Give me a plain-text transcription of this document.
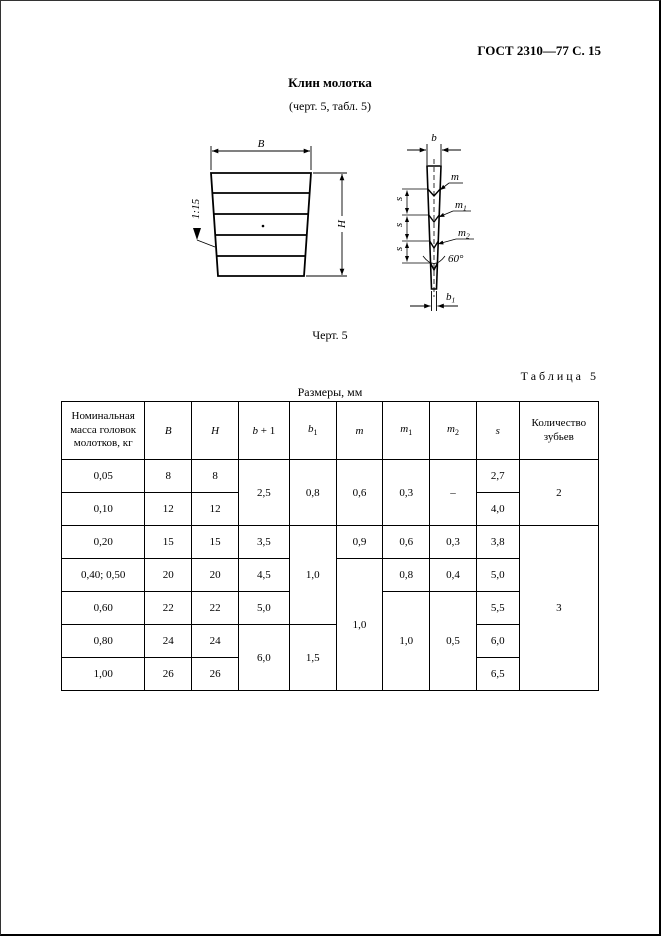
ГОСТ 2310—77 С. 15
Клин молотка
(черт. 5, табл. 5)
B
H
1:15
b
m
$m_1$
$m_2$
s
s
s
60°
$b_1$
Черт. 5
Таблица 5
Размеры, мм
Номинальная масса головок молотков, кг	B	H	b + 1	$b_1$	m	$m_1$	$m_2$	s	Количество зубьев
0,05	8	8	2,5	0,8	0,6	0,3	–	2,7	2
0,10	12	12						4,0	
0,20	15	15	3,5	1,0	0,9	0,6	0,3	3,8	3
0,40; 0,50	20	20	4,5		1,0	0,8	0,4	5,0	
0,60	22	22	5,0			1,0	0,5	5,5	
0,80	24	24	6,0	1,5				6,0	
1,00	26	26						6,5	
